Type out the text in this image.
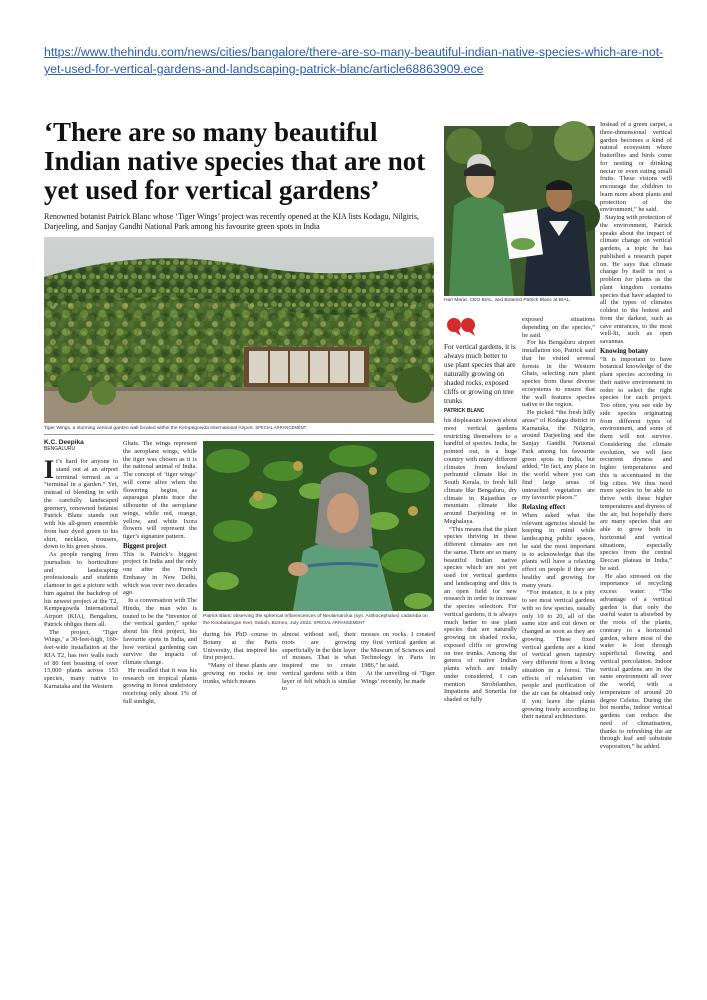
https://www.thehindu.com/news/cities/bangalore/there-are-so-many-beautiful-indian-native-species-which-are-not-yet-used-for-vertical-gardens-and-landscaping-patrick-blanc/article68863909.ece
‘There are so many beautiful Indian native species that are not yet used for vertical gardens’
Renowned botanist Patrick Blanc whose ‘Tiger Wings’ project was recently opened at the KIA lists Kodagu, Nilgiris, Darjeeling, and Sanjay Gandhi National Park among his favourite green spots in India
Tiger Wings, a stunning vertical garden wall located within the Kempegowda International Airport. SPECIAL ARRANGEMENT
Hari Marar, CEO BIAL, and Botanist Patrick Blanc at BIAL.
For vertical gardens, it is always much better to use plant species that are naturally growing on shaded rocks, exposed cliffs or growing on tree trunks
PATRICK BLANC
K.C. Deepika
BENGALURU

It’s hard for anyone to stand out at an airport terminal termed as a “terminal in a garden.” Yet, instead of blending in with the carefully landscaped greenery, renowned botanist Patrick Blanc stands out with his all-green ensemble from hair dyed green to his shirt, necklace, trousers, down to his green shoes.

As people ranging from journalists to horticulture and landscaping professionals and students clamour to get a picture with him against the backdrop of his newest project at the T2, Kempegowda International Airport (KIA), Bengaluru, Patrick obliges them all.

The project, ‘Tiger Wings,’ a 30-feet-high, 160-feet-wide installation at the KIA T2, has two walls each of 80 feet boasting of over 15,000 plants across 153 species, many native to Karnataka and the Western

Ghats. The wings represent the aeroplane wings, while the tiger was chosen as it is the national animal of India. The concept of ‘tiger wings’ will come alive when the flowering begins, as asparagus plants trace the silhouette of the aeroplane wings, while red, orange, yellow, and white Ixora flowers will represent the tiger’s signature pattern.

Biggest project

This is Patrick’s biggest project in India and the only one after the French Embassy in New Delhi, which was over two decades ago.

In a conversation with The Hindu, the man who is touted to be the “inventor of the vertical garden,” spoke about his first project, his favourite spots in India, and how vertical gardening can survive the impacts of climate change.

He recalled that it was his research on tropical plants growing in forest understory receiving only about 1% of full sunlight,

Patrick Blanc observing the spherical inflorescences of Neolamarckia (syn. Anthocephalus) cadamba on the Kinabatangan river, Sabah, Borneo, July 2022. SPECIAL ARRANGEMENT

during his PhD course in Botany at the Paris University, that inspired his first project.

“Many of these plants are growing on rocks or tree trunks, which means

almost without soil, their roots are growing superficially in the thin layer of mosses. That is what inspired me to create vertical gardens with a thin layer of felt which is similar to

mosses on rocks. I created my first vertical garden at the Museum of Sciences and Technology in Paris in 1986,” he said.

At the unveiling of ‘Tiger Wings’ recently, he made

his displeasure known about most vertical gardens restricting themselves to a handful of species. India, he pointed out, is a huge country with many different climates from lowland perhumid climate like in South Kerala, to fresh hill climate like Bengaluru, dry climate in Rajasthan or mountain climate like around Darjeeling or in Meghalaya.

“This means that the plant species thriving in these different climates are not the same. There are so many beautiful Indian native species which are not yet used for vertical gardens and landscaping and this is an open field for new research in order to increase the species selection. For vertical gardens, it is always much better to use plant species that are naturally growing on shaded rocks, exposed cliffs or growing on tree trunks. Among the genera of native Indian plants which are totally under considered, I can mention Strobilanthes, Impatiens and Sonerila for shaded or fully

exposed situations depending on the species,” he said.

For his Bengaluru airport installation too, Patrick said that he visited several forests in the Western Ghats, selecting rare plant species from these diverse ecosystems to ensure that the wall features species native to the region.

He picked “the fresh hilly areas” of Kodagu district in Karnataka, the Nilgiris, around Darjeeling and the Sanjay Gandhi National Park among his favourite green spots in India, but added, “In fact, any place in the world where you can find large areas of untouched vegetation are my favourite places.”

Relaxing effect

When asked what the relevant agencies should be keeping in mind while landscaping public spaces, he said the most important is to acknowledge that the plants will have a relaxing effect on people if they are healthy and growing for many years.

“For instance, it is a pity to see most vertical gardens with so few species, usually only 10 to 20, all of the same size and cut down or changed as soon as they are growing. These fixed vertical gardens are a kind of vertical green tapestry very different from a living situation in a forest. The effects of relaxation on people and purification of the air can be obtained only if you leave the plants growing freely according to their natural architecture.

Instead of a green carpet, a three-dimensional vertical garden becomes a kind of natural ecosystem where butterflies and birds come for nesting or drinking nectar or even eating small fruits. These visions will encourage the children to learn more about plants and protection of the environment,” he said.

Staying with protection of the environment, Patrick speaks about the impact of climate change on vertical gardens, a topic he has published a research paper on. He says that climate change by itself is not a problem for plants as the plant kingdom contains species that have adapted to all the types of climates coldest to the hottest and from the darkest, such as cave entrances, to the most well-lit, such as open savannas.

Knowing botany

“It is important to have botanical knowledge of the plant species according to their native environment in order to select the right species for each project. Too often, you see side by side species originating from different types of environment, and some of them will not survive. Considering the climate evolution, we will face recurrent dryness and higher temperatures and this is accentuated in the big cities. We thus need more species to be able to thrive with these higher temperatures and dryness of the air, but hopefully there are many species that are able to grow both in horizontal and vertical situations, especially species from the central Deccan plateau in India,” he said.

He also stressed on the importance of recycling excess water: “The advantage of a vertical garden is that only the useful water is absorbed by the roots of the plants, contrary to a horizontal garden, where most of the water is lost through superficial flowing and vertical percolation. Indoor vertical gardens are in the same environment all over the world, with a temperature of around 20 degree Celsius. During the hot months, indoor vertical gardens can reduce the need of climatisation, thanks to refreshing the air through leaf and substrate evaporation,” he added.
